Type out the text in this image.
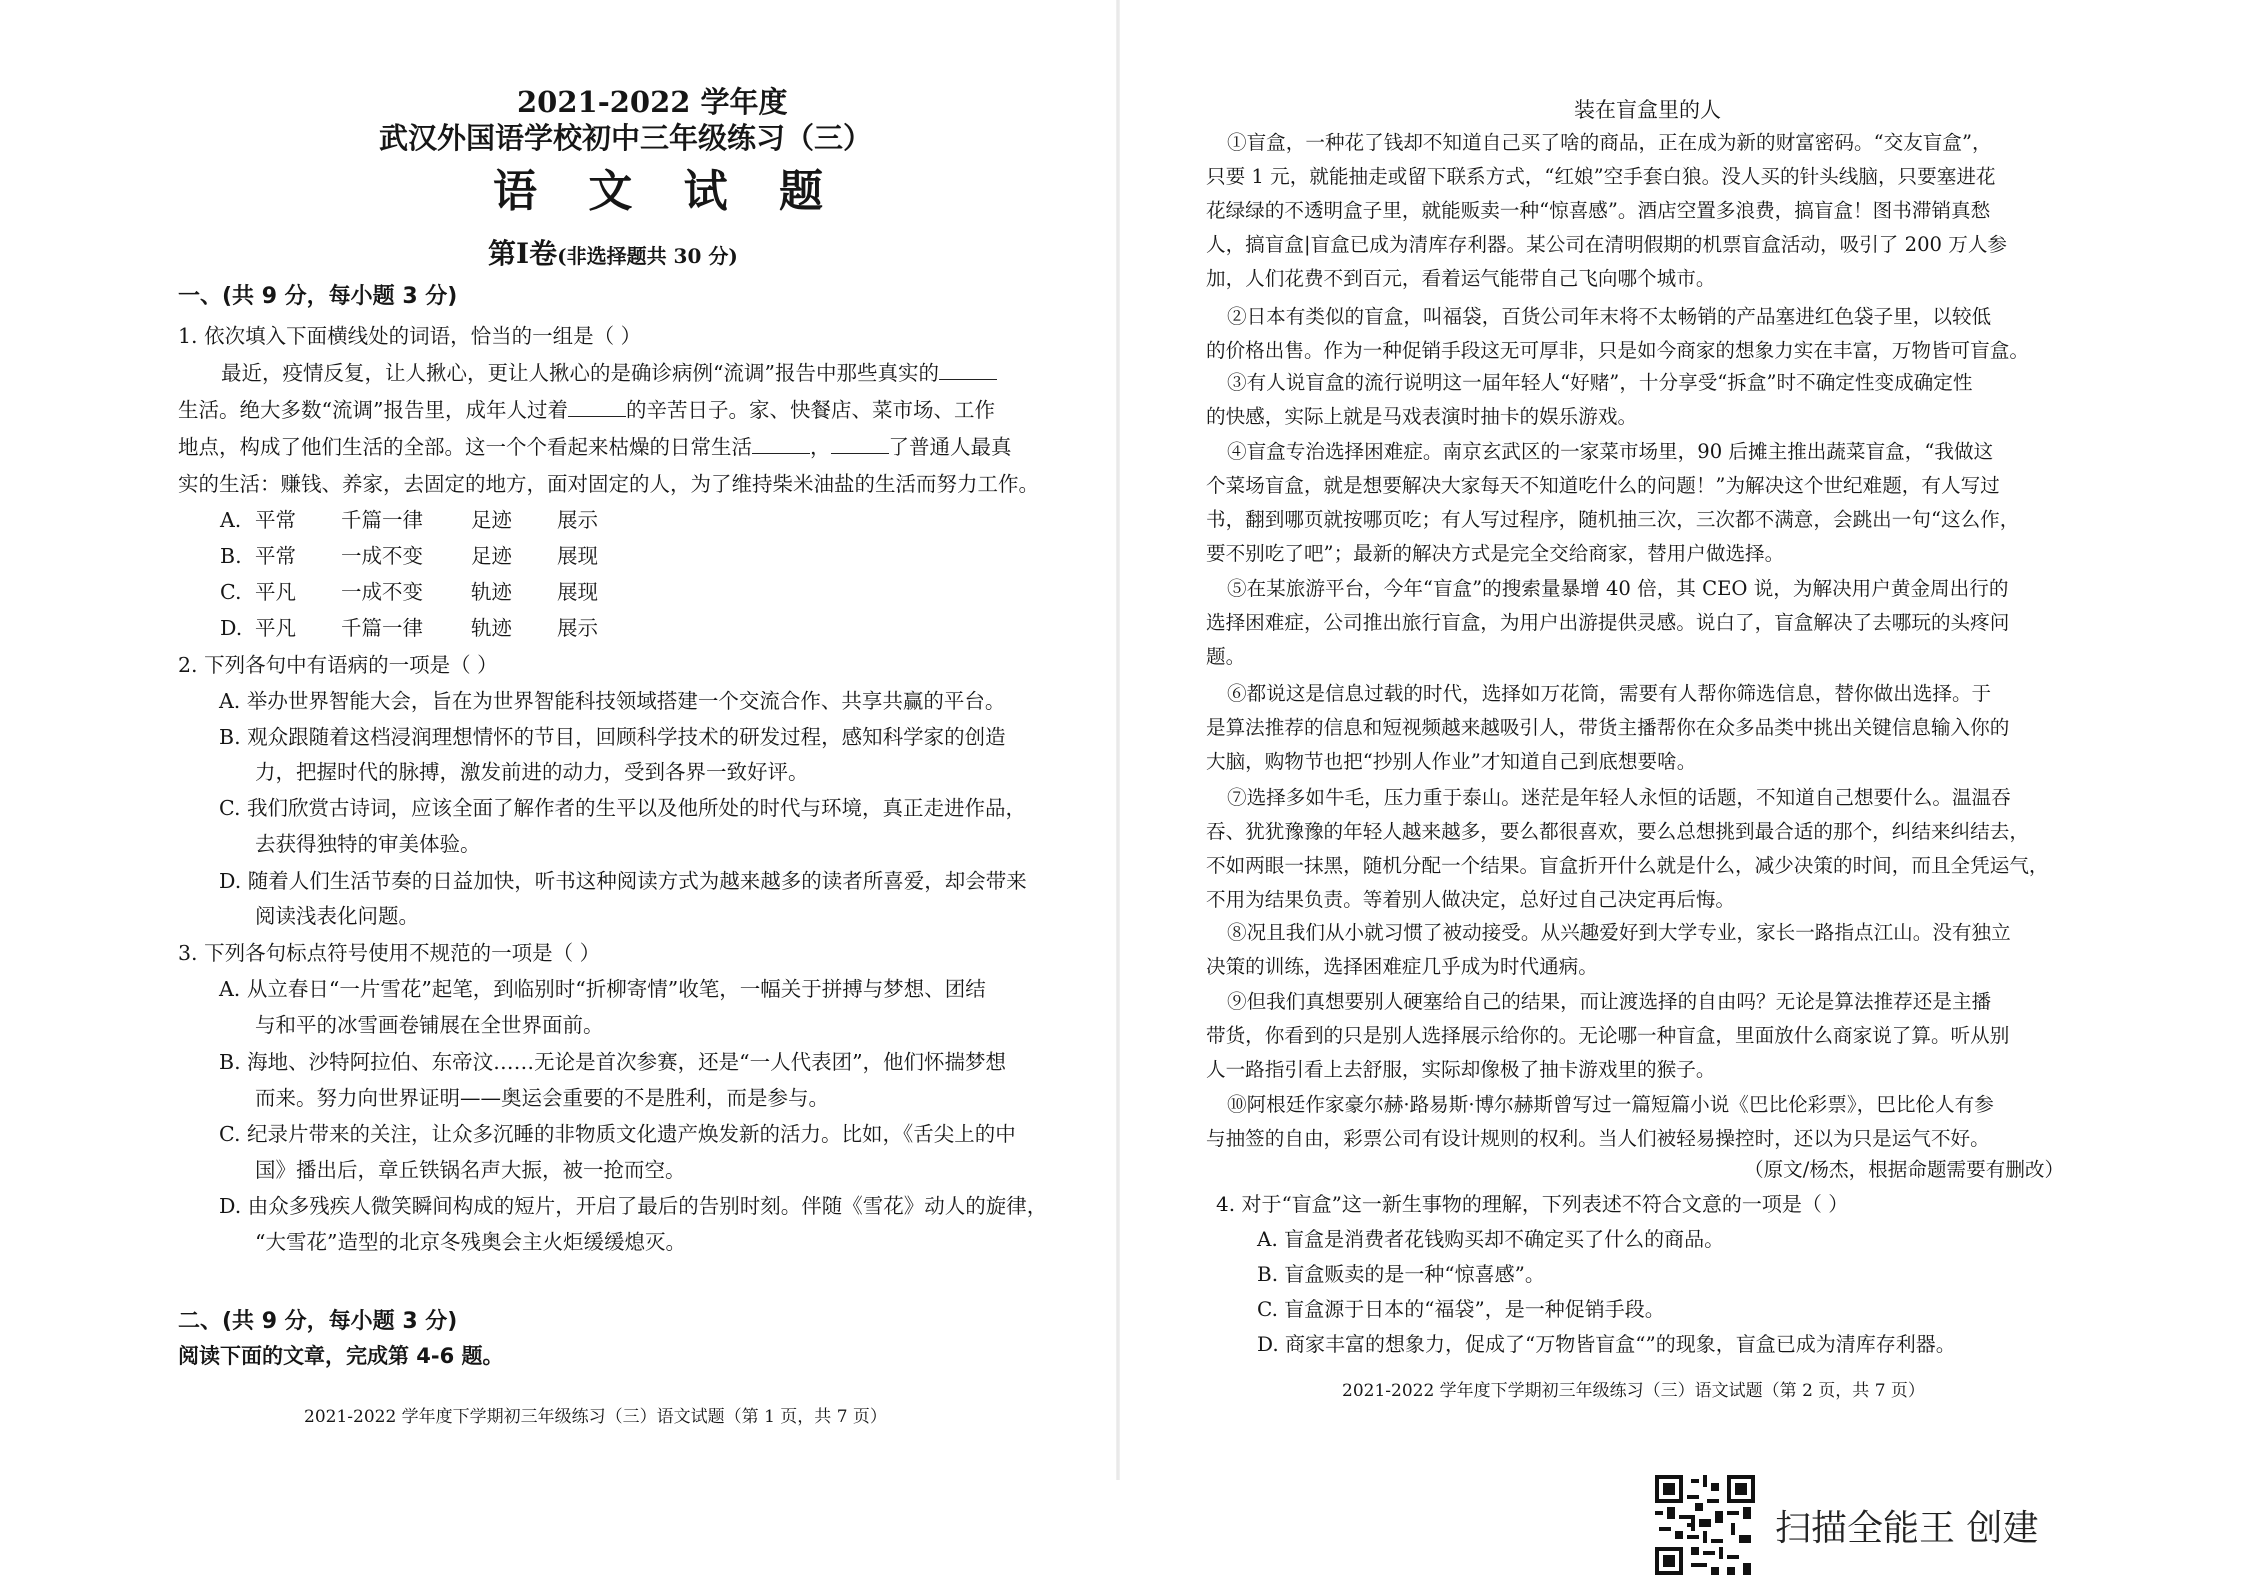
2021-2022 学年度
武汉外国语学校初中三年级练习（三）
语 文 试 题
第Ⅰ卷(非选择题共 30 分)
一、(共 9 分，每小题 3 分)
1. 依次填入下面横线处的词语，恰当的一组是（ ）
最近，疫情反复，让人揪心，更让人揪心的是确诊病例“流调”报告中那些真实的
生活。绝大多数“流调”报告里，成年人过着	的辛苦日子。家、快餐店、菜市场、工作
地点，构成了他们生活的全部。这一个个看起来枯燥的日常生活	，	了普通人最真
实的生活：赚钱、养家，去固定的地方，面对固定的人，为了维持柴米油盐的生活而努力工作。
A. 平常 千篇一律 足迹 展示
B. 平常 一成不变 足迹 展现
C. 平凡 一成不变 轨迹 展现
D. 平凡 千篇一律 轨迹 展示
2. 下列各句中有语病的一项是（ ）
A. 举办世界智能大会，旨在为世界智能科技领域搭建一个交流合作、共享共赢的平台。
B. 观众跟随着这档浸润理想情怀的节目，回顾科学技术的研发过程，感知科学家的创造
力，把握时代的脉搏，激发前进的动力，受到各界一致好评。
C. 我们欣赏古诗词，应该全面了解作者的生平以及他所处的时代与环境，真正走进作品，
去获得独特的审美体验。
D. 随着人们生活节奏的日益加快，听书这种阅读方式为越来越多的读者所喜爱，却会带来
阅读浅表化问题。
3. 下列各句标点符号使用不规范的一项是（ ）
A. 从立春日“一片雪花”起笔，到临别时“折柳寄情”收笔，一幅关于拼搏与梦想、团结
与和平的冰雪画卷铺展在全世界面前。
B. 海地、沙特阿拉伯、东帝汶……无论是首次参赛，还是“一人代表团”，他们怀揣梦想
而来。努力向世界证明——奥运会重要的不是胜利，而是参与。
C. 纪录片带来的关注，让众多沉睡的非物质文化遗产焕发新的活力。比如，《舌尖上的中
国》播出后，章丘铁锅名声大振，被一抢而空。
D. 由众多残疾人微笑瞬间构成的短片，开启了最后的告别时刻。伴随《雪花》动人的旋律，
“大雪花”造型的北京冬残奥会主火炬缓缓熄灭。
二、(共 9 分，每小题 3 分)
阅读下面的文章，完成第 4-6 题。
2021-2022 学年度下学期初三年级练习（三）语文试题（第 1 页，共 7 页）
装在盲盒里的人
①盲盒，一种花了钱却不知道自己买了啥的商品，正在成为新的财富密码。“交友盲盒”，
只要 1 元，就能抽走或留下联系方式，“红娘”空手套白狼。没人买的针头线脑，只要塞进花
花绿绿的不透明盒子里，就能贩卖一种“惊喜感”。酒店空置多浪费，搞盲盒！图书滞销真愁
人，搞盲盒|盲盒已成为清库存利器。某公司在清明假期的机票盲盒活动，吸引了 200 万人参
加，人们花费不到百元，看着运气能带自己飞向哪个城市。
②日本有类似的盲盒，叫福袋，百货公司年末将不太畅销的产品塞进红色袋子里，以较低
的价格出售。作为一种促销手段这无可厚非，只是如今商家的想象力实在丰富，万物皆可盲盒。
③有人说盲盒的流行说明这一届年轻人“好赌”，十分享受“拆盒”时不确定性变成确定性
的快感，实际上就是马戏表演时抽卡的娱乐游戏。
④盲盒专治选择困难症。南京玄武区的一家菜市场里，90 后摊主推出蔬菜盲盒，“我做这
个菜场盲盒，就是想要解决大家每天不知道吃什么的问题！”为解决这个世纪难题，有人写过
书，翻到哪页就按哪页吃；有人写过程序，随机抽三次，三次都不满意，会跳出一句“这么作，
要不别吃了吧”；最新的解决方式是完全交给商家，替用户做选择。
⑤在某旅游平台，今年“盲盒”的搜索量暴增 40 倍，其 CEO 说，为解决用户黄金周出行的
选择困难症，公司推出旅行盲盒，为用户出游提供灵感。说白了，盲盒解决了去哪玩的头疼问
题。
⑥都说这是信息过载的时代，选择如万花筒，需要有人帮你筛选信息，替你做出选择。于
是算法推荐的信息和短视频越来越吸引人，带货主播帮你在众多品类中挑出关键信息输入你的
大脑，购物节也把“抄别人作业”才知道自己到底想要啥。
⑦选择多如牛毛，压力重于泰山。迷茫是年轻人永恒的话题，不知道自己想要什么。温温吞
吞、犹犹豫豫的年轻人越来越多，要么都很喜欢，要么总想挑到最合适的那个，纠结来纠结去，
不如两眼一抹黑，随机分配一个结果。盲盒折开什么就是什么，减少决策的时间，而且全凭运气，
不用为结果负责。等着别人做决定，总好过自己决定再后悔。
⑧况且我们从小就习惯了被动接受。从兴趣爱好到大学专业，家长一路指点江山。没有独立
决策的训练，选择困难症几乎成为时代通病。
⑨但我们真想要别人硬塞给自己的结果，而让渡选择的自由吗？无论是算法推荐还是主播
带货，你看到的只是别人选择展示给你的。无论哪一种盲盒，里面放什么商家说了算。听从别
人一路指引看上去舒服，实际却像极了抽卡游戏里的猴子。
⑩阿根廷作家豪尔赫·路易斯·博尔赫斯曾写过一篇短篇小说《巴比伦彩票》，巴比伦人有参
与抽签的自由，彩票公司有设计规则的权利。当人们被轻易操控时，还以为只是运气不好。
（原文/杨杰，根据命题需要有删改）
4. 对于“盲盒”这一新生事物的理解，下列表述不符合文意的一项是（ ）
A. 盲盒是消费者花钱购买却不确定买了什么的商品。
B. 盲盒贩卖的是一种“惊喜感”。
C. 盲盒源于日本的“福袋”，是一种促销手段。
D. 商家丰富的想象力，促成了“万物皆盲盒“”的现象，盲盒已成为清库存利器。
2021-2022 学年度下学期初三年级练习（三）语文试题（第 2 页，共 7 页）
扫描全能王 创建
